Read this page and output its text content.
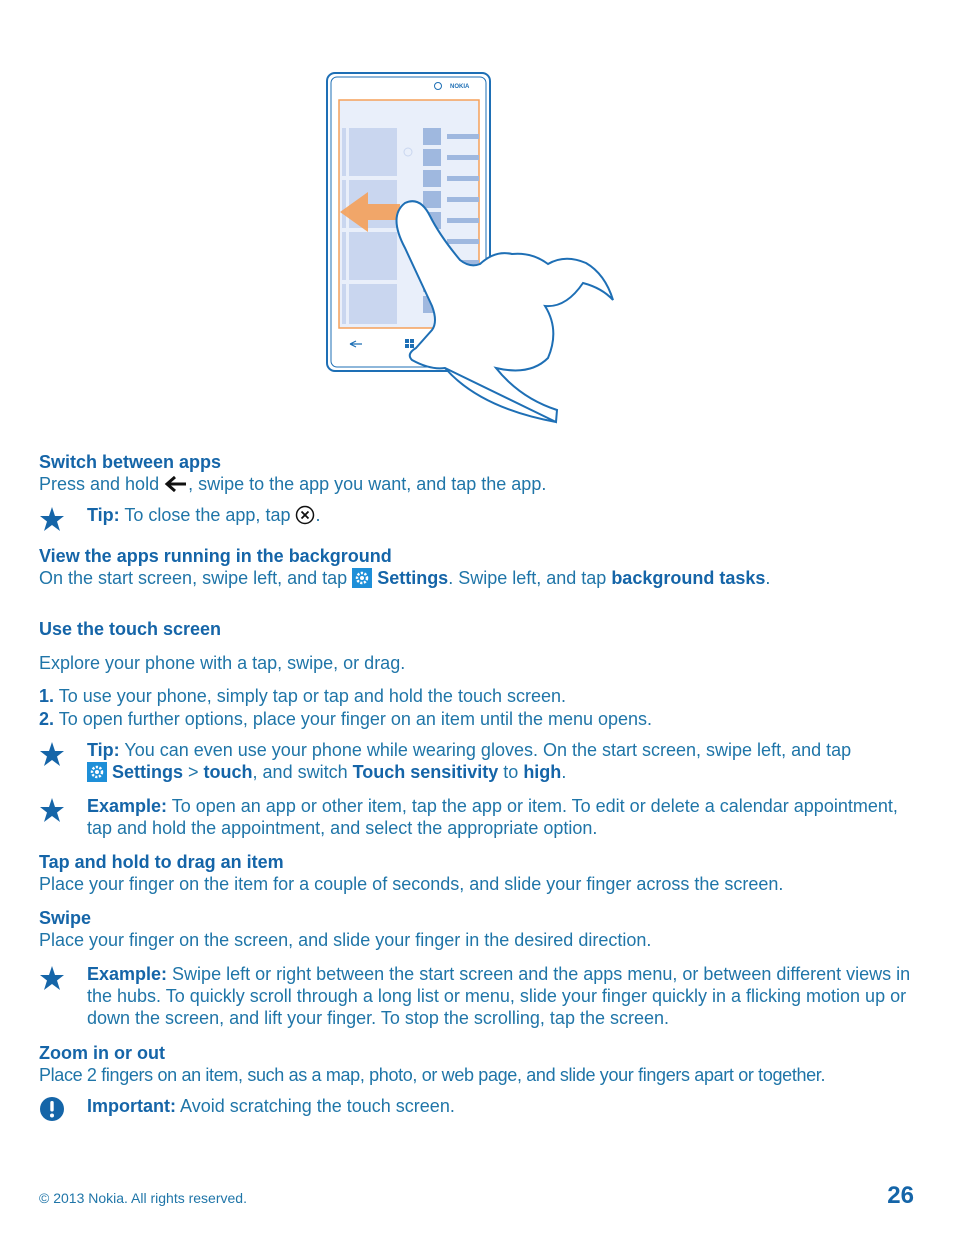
NOKIA

Switch between apps

Press and hold , swipe to the app you want, and tap the app.

Tip: To close the app, tap .

View the apps running in the background

On the start screen, swipe left, and tap  Settings. Swipe left, and tap background tasks.

Use the touch screen

Explore your phone with a tap, swipe, or drag.

1. To use your phone, simply tap or tap and hold the touch screen.

2. To open further options, place your finger on an item until the menu opens.

Tip: You can even use your phone while wearing gloves. On the start screen, swipe left, and tap
Settings > touch, and switch Touch sensitivity to high.

Example: To open an app or other item, tap the app or item. To edit or delete a calendar appointment, tap and hold the appointment, and select the appropriate option.

Tap and hold to drag an item

Place your finger on the item for a couple of seconds, and slide your finger across the screen.

Swipe

Place your finger on the screen, and slide your finger in the desired direction.

Example: Swipe left or right between the start screen and the apps menu, or between different views in the hubs. To quickly scroll through a long list or menu, slide your finger quickly in a flicking motion up or down the screen, and lift your finger. To stop the scrolling, tap the screen.

Zoom in or out

Place 2 fingers on an item, such as a map, photo, or web page, and slide your fingers apart or together.

Important: Avoid scratching the touch screen.

© 2013 Nokia. All rights reserved.	26
